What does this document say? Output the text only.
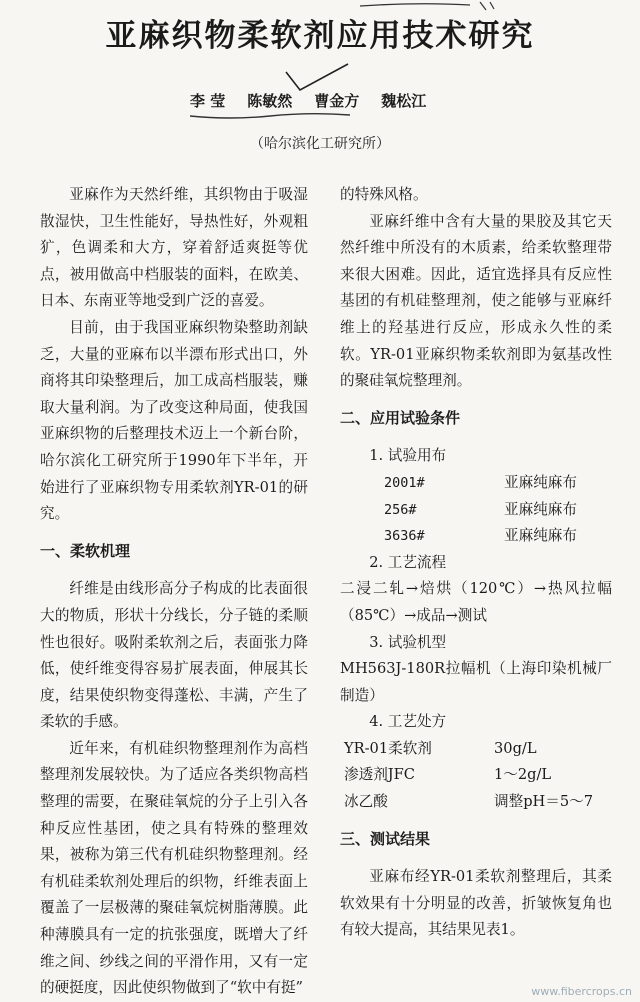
亚麻织物柔软剂应用技术研究
李 莹 陈敏然 曹金方 魏松江
（哈尔滨化工研究所）

亚麻作为天然纤维，其织物由于吸湿散湿快，卫生性能好，导热性好，外观粗犷，色调柔和大方，穿着舒适爽挺等优点，被用做高中档服装的面料，在欧美、日本、东南亚等地受到广泛的喜爱。

目前，由于我国亚麻织物染整助剂缺乏，大量的亚麻布以半漂布形式出口，外商将其印染整理后，加工成高档服装，赚取大量利润。为了改变这种局面，使我国亚麻织物的后整理技术迈上一个新台阶，哈尔滨化工研究所于1990年下半年，开始进行了亚麻织物专用柔软剂YR-01的研究。

一、柔软机理

纤维是由线形高分子构成的比表面很大的物质，形状十分线长，分子链的柔顺性也很好。吸附柔软剂之后，表面张力降低，使纤维变得容易扩展表面，伸展其长度，结果使织物变得蓬松、丰满，产生了柔软的手感。

近年来，有机硅织物整理剂作为高档整理剂发展较快。为了适应各类织物高档整理的需要，在聚硅氧烷的分子上引入各种反应性基团，使之具有特殊的整理效果，被称为第三代有机硅织物整理剂。经有机硅柔软剂处理后的织物，纤维表面上覆盖了一层极薄的聚硅氧烷树脂薄膜。此种薄膜具有一定的抗张强度，既增大了纤维之间、纱线之间的平滑作用，又有一定的硬挺度，因此使织物做到了“软中有挺”

的特殊风格。

亚麻纤维中含有大量的果胶及其它天然纤维中所没有的木质素，给柔软整理带来很大困难。因此，适宜选择具有反应性基团的有机硅整理剂，使之能够与亚麻纤维上的羟基进行反应，形成永久性的柔软。YR-01亚麻织物柔软剂即为氨基改性的聚硅氧烷整理剂。

二、应用试验条件

1. 试验用布

2001#	亚麻纯麻布
256#	亚麻纯麻布
3636#	亚麻纯麻布

2. 工艺流程

二浸二轧→焙烘（120℃）→热风拉幅（85℃）→成品→测试

3. 试验机型

MH563J-180R拉幅机（上海印染机械厂制造）

4. 工艺处方

YR-01柔软剂	30g/L
渗透剂JFC	1～2g/L
冰乙酸	调整pH＝5～7
三、测试结果

亚麻布经YR-01柔软剂整理后，其柔软效果有十分明显的改善，折皱恢复角也有较大提高，其结果见表1。

www.fibercrops.cn
